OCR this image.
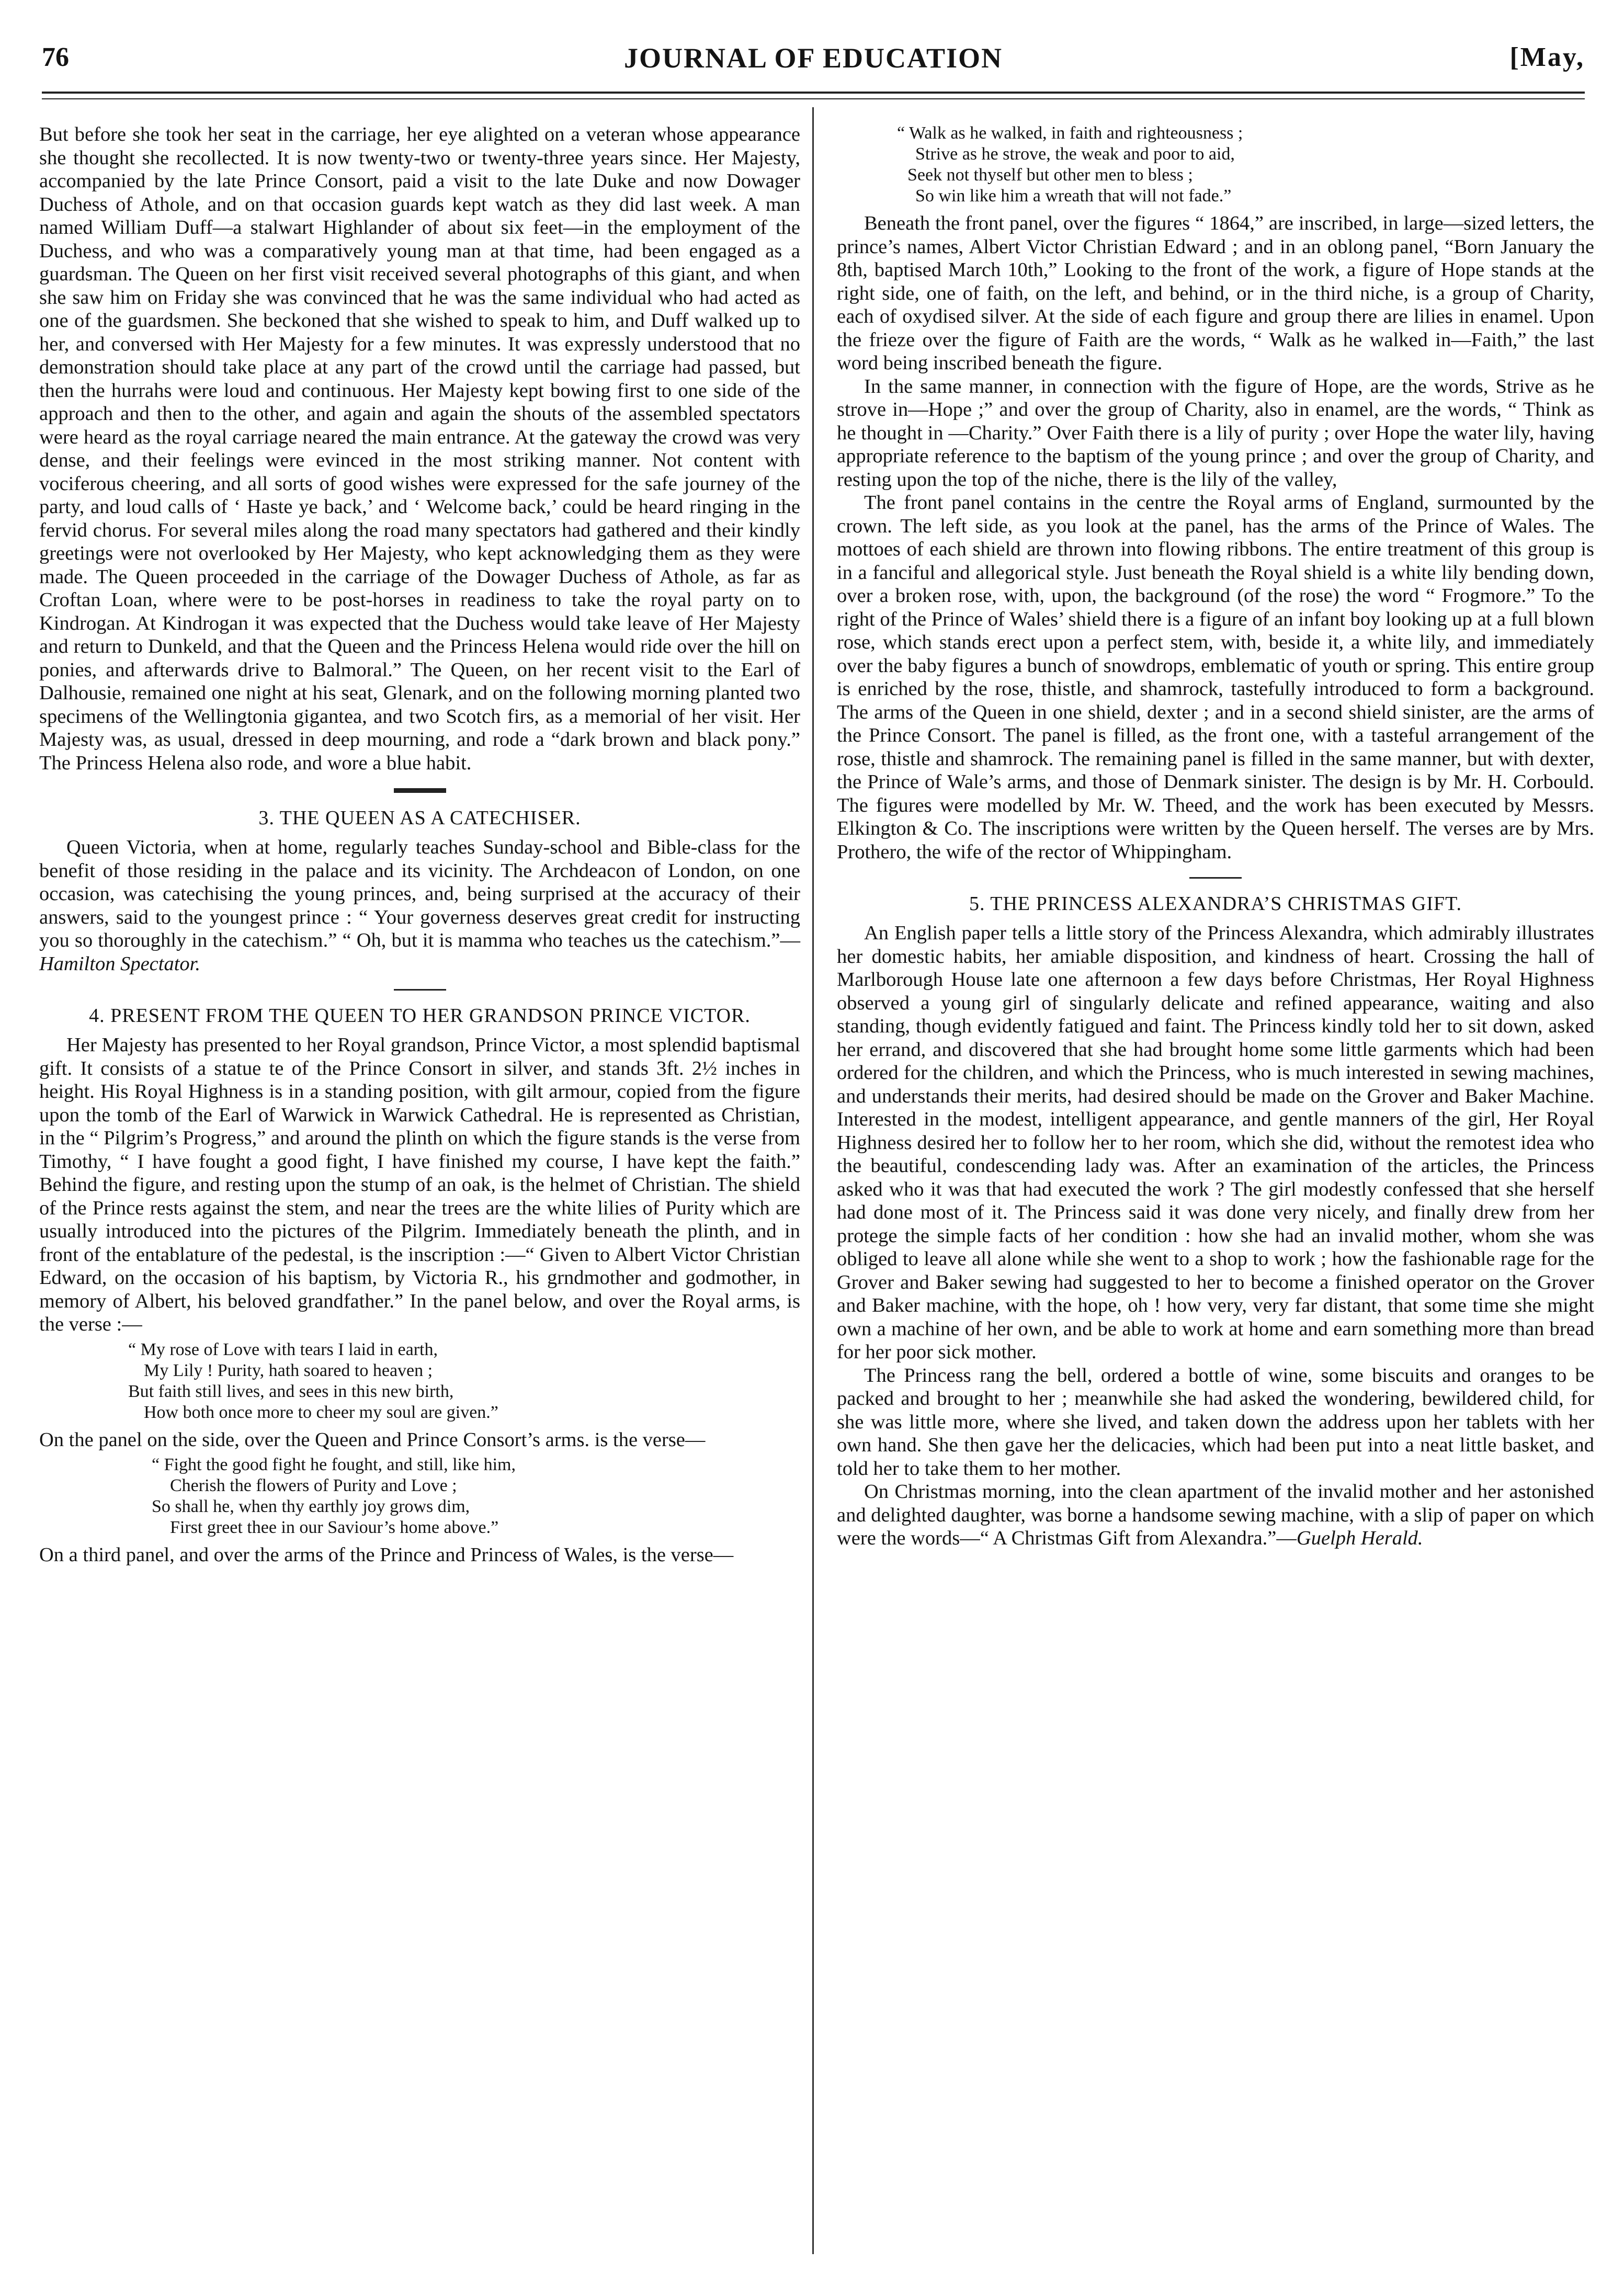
76	JOURNAL OF EDUCATION	[May,

But before she took her seat in the carriage, her eye alighted on a veteran whose appearance she thought she recollected. It is now twenty-two or twenty-three years since. Her Majesty, accompanied by the late Prince Consort, paid a visit to the late Duke and now Dowager Duchess of Athole, and on that occasion guards kept watch as they did last week. A man named William Duff—a stalwart Highlander of about six feet—in the employment of the Duchess, and who was a comparatively young man at that time, had been engaged as a guardsman. The Queen on her first visit received several photographs of this giant, and when she saw him on Friday she was convinced that he was the same individual who had acted as one of the guardsmen. She beckoned that she wished to speak to him, and Duff walked up to her, and conversed with Her Majesty for a few minutes. It was expressly understood that no demonstration should take place at any part of the crowd until the carriage had passed, but then the hurrahs were loud and continuous. Her Majesty kept bowing first to one side of the approach and then to the other, and again and again the shouts of the assembled spectators were heard as the royal carriage neared the main entrance. At the gateway the crowd was very dense, and their feelings were evinced in the most striking manner. Not content with vociferous cheering, and all sorts of good wishes were expressed for the safe journey of the party, and loud calls of ‘ Haste ye back,’ and ‘ Welcome back,’ could be heard ringing in the fervid chorus. For several miles along the road many spectators had gathered and their kindly greetings were not overlooked by Her Majesty, who kept acknowledging them as they were made. The Queen proceeded in the carriage of the Dowager Duchess of Athole, as far as Croftan Loan, where were to be post-horses in readiness to take the royal party on to Kindrogan. At Kindrogan it was expected that the Duchess would take leave of Her Majesty and return to Dunkeld, and that the Queen and the Princess Helena would ride over the hill on ponies, and afterwards drive to Balmoral.” The Queen, on her recent visit to the Earl of Dalhousie, remained one night at his seat, Glenark, and on the following morning planted two specimens of the Wellingtonia gigantea, and two Scotch firs, as a memorial of her visit. Her Majesty was, as usual, dressed in deep mourning, and rode a “dark brown and black pony.” The Princess Helena also rode, and wore a blue habit.

3. THE QUEEN AS A CATECHISER.

Queen Victoria, when at home, regularly teaches Sunday-school and Bible-class for the benefit of those residing in the palace and its vicinity. The Archdeacon of London, on one occasion, was catechising the young princes, and, being surprised at the accuracy of their answers, said to the youngest prince : “ Your governess deserves great credit for instructing you so thoroughly in the catechism.” “ Oh, but it is mamma who teaches us the catechism.”—Hamilton Spectator.

4. PRESENT FROM THE QUEEN TO HER GRANDSON PRINCE VICTOR.

Her Majesty has presented to her Royal grandson, Prince Victor, a most splendid baptismal gift. It consists of a statue te of the Prince Consort in silver, and stands 3ft. 2½ inches in height. His Royal Highness is in a standing position, with gilt armour, copied from the figure upon the tomb of the Earl of Warwick in Warwick Cathedral. He is represented as Christian, in the “ Pilgrim’s Progress,” and around the plinth on which the figure stands is the verse from Timothy, “ I have fought a good fight, I have finished my course, I have kept the faith.” Behind the figure, and resting upon the stump of an oak, is the helmet of Christian. The shield of the Prince rests against the stem, and near the trees are the white lilies of Purity which are usually introduced into the pictures of the Pilgrim. Immediately beneath the plinth, and in front of the entablature of the pedestal, is the inscription :—“ Given to Albert Victor Christian Edward, on the occasion of his baptism, by Victoria R., his grndmother and godmother, in memory of Albert, his beloved grandfather.” In the panel below, and over the Royal arms, is the verse :—

“ My rose of Love with tears I laid in earth,
My Lily ! Purity, hath soared to heaven ;
But faith still lives, and sees in this new birth,
How both once more to cheer my soul are given.”

On the panel on the side, over the Queen and Prince Consort’s arms. is the verse—

“ Fight the good fight he fought, and still, like him,
Cherish the flowers of Purity and Love ;
So shall he, when thy earthly joy grows dim,
First greet thee in our Saviour’s home above.”

On a third panel, and over the arms of the Prince and Princess of Wales, is the verse—

“ Walk as he walked, in faith and righteousness ;
Strive as he strove, the weak and poor to aid,
Seek not thyself but other men to bless ;
So win like him a wreath that will not fade.”

Beneath the front panel, over the figures “ 1864,” are inscribed, in large—sized letters, the prince’s names, Albert Victor Christian Edward ; and in an oblong panel, “Born January the 8th, baptised March 10th,” Looking to the front of the work, a figure of Hope stands at the right side, one of faith, on the left, and behind, or in the third niche, is a group of Charity, each of oxydised silver. At the side of each figure and group there are lilies in enamel. Upon the frieze over the figure of Faith are the words, “ Walk as he walked in—Faith,” the last word being inscribed beneath the figure.

In the same manner, in connection with the figure of Hope, are the words, Strive as he strove in—Hope ;” and over the group of Charity, also in enamel, are the words, “ Think as he thought in —Charity.” Over Faith there is a lily of purity ; over Hope the water lily, having appropriate reference to the baptism of the young prince ; and over the group of Charity, and resting upon the top of the niche, there is the lily of the valley,

The front panel contains in the centre the Royal arms of England, surmounted by the crown. The left side, as you look at the panel, has the arms of the Prince of Wales. The mottoes of each shield are thrown into flowing ribbons. The entire treatment of this group is in a fanciful and allegorical style. Just beneath the Royal shield is a white lily bending down, over a broken rose, with, upon, the background (of the rose) the word “ Frogmore.” To the right of the Prince of Wales’ shield there is a figure of an infant boy looking up at a full blown rose, which stands erect upon a perfect stem, with, beside it, a white lily, and immediately over the baby figures a bunch of snowdrops, emblematic of youth or spring. This entire group is enriched by the rose, thistle, and shamrock, tastefully introduced to form a background. The arms of the Queen in one shield, dexter ; and in a second shield sinister, are the arms of the Prince Consort. The panel is filled, as the front one, with a tasteful arrangement of the rose, thistle and shamrock. The remaining panel is filled in the same manner, but with dexter, the Prince of Wale’s arms, and those of Denmark sinister. The design is by Mr. H. Corbould. The figures were modelled by Mr. W. Theed, and the work has been executed by Messrs. Elkington & Co. The inscriptions were written by the Queen herself. The verses are by Mrs. Prothero, the wife of the rector of Whippingham.

5. THE PRINCESS ALEXANDRA’S CHRISTMAS GIFT.

An English paper tells a little story of the Princess Alexandra, which admirably illustrates her domestic habits, her amiable disposition, and kindness of heart. Crossing the hall of Marlborough House late one afternoon a few days before Christmas, Her Royal Highness observed a young girl of singularly delicate and refined appearance, waiting and also standing, though evidently fatigued and faint. The Princess kindly told her to sit down, asked her errand, and discovered that she had brought home some little garments which had been ordered for the children, and which the Princess, who is much interested in sewing machines, and understands their merits, had desired should be made on the Grover and Baker Machine. Interested in the modest, intelligent appearance, and gentle manners of the girl, Her Royal Highness desired her to follow her to her room, which she did, without the remotest idea who the beautiful, condescending lady was. After an examination of the articles, the Princess asked who it was that had executed the work ? The girl modestly confessed that she herself had done most of it. The Princess said it was done very nicely, and finally drew from her protege the simple facts of her condition : how she had an invalid mother, whom she was obliged to leave all alone while she went to a shop to work ; how the fashionable rage for the Grover and Baker sewing had suggested to her to become a finished operator on the Grover and Baker machine, with the hope, oh ! how very, very far distant, that some time she might own a machine of her own, and be able to work at home and earn something more than bread for her poor sick mother.

The Princess rang the bell, ordered a bottle of wine, some biscuits and oranges to be packed and brought to her ; meanwhile she had asked the wondering, bewildered child, for she was little more, where she lived, and taken down the address upon her tablets with her own hand. She then gave her the delicacies, which had been put into a neat little basket, and told her to take them to her mother.

On Christmas morning, into the clean apartment of the invalid mother and her astonished and delighted daughter, was borne a handsome sewing machine, with a slip of paper on which were the words—“ A Christmas Gift from Alexandra.”—Guelph Herald.
